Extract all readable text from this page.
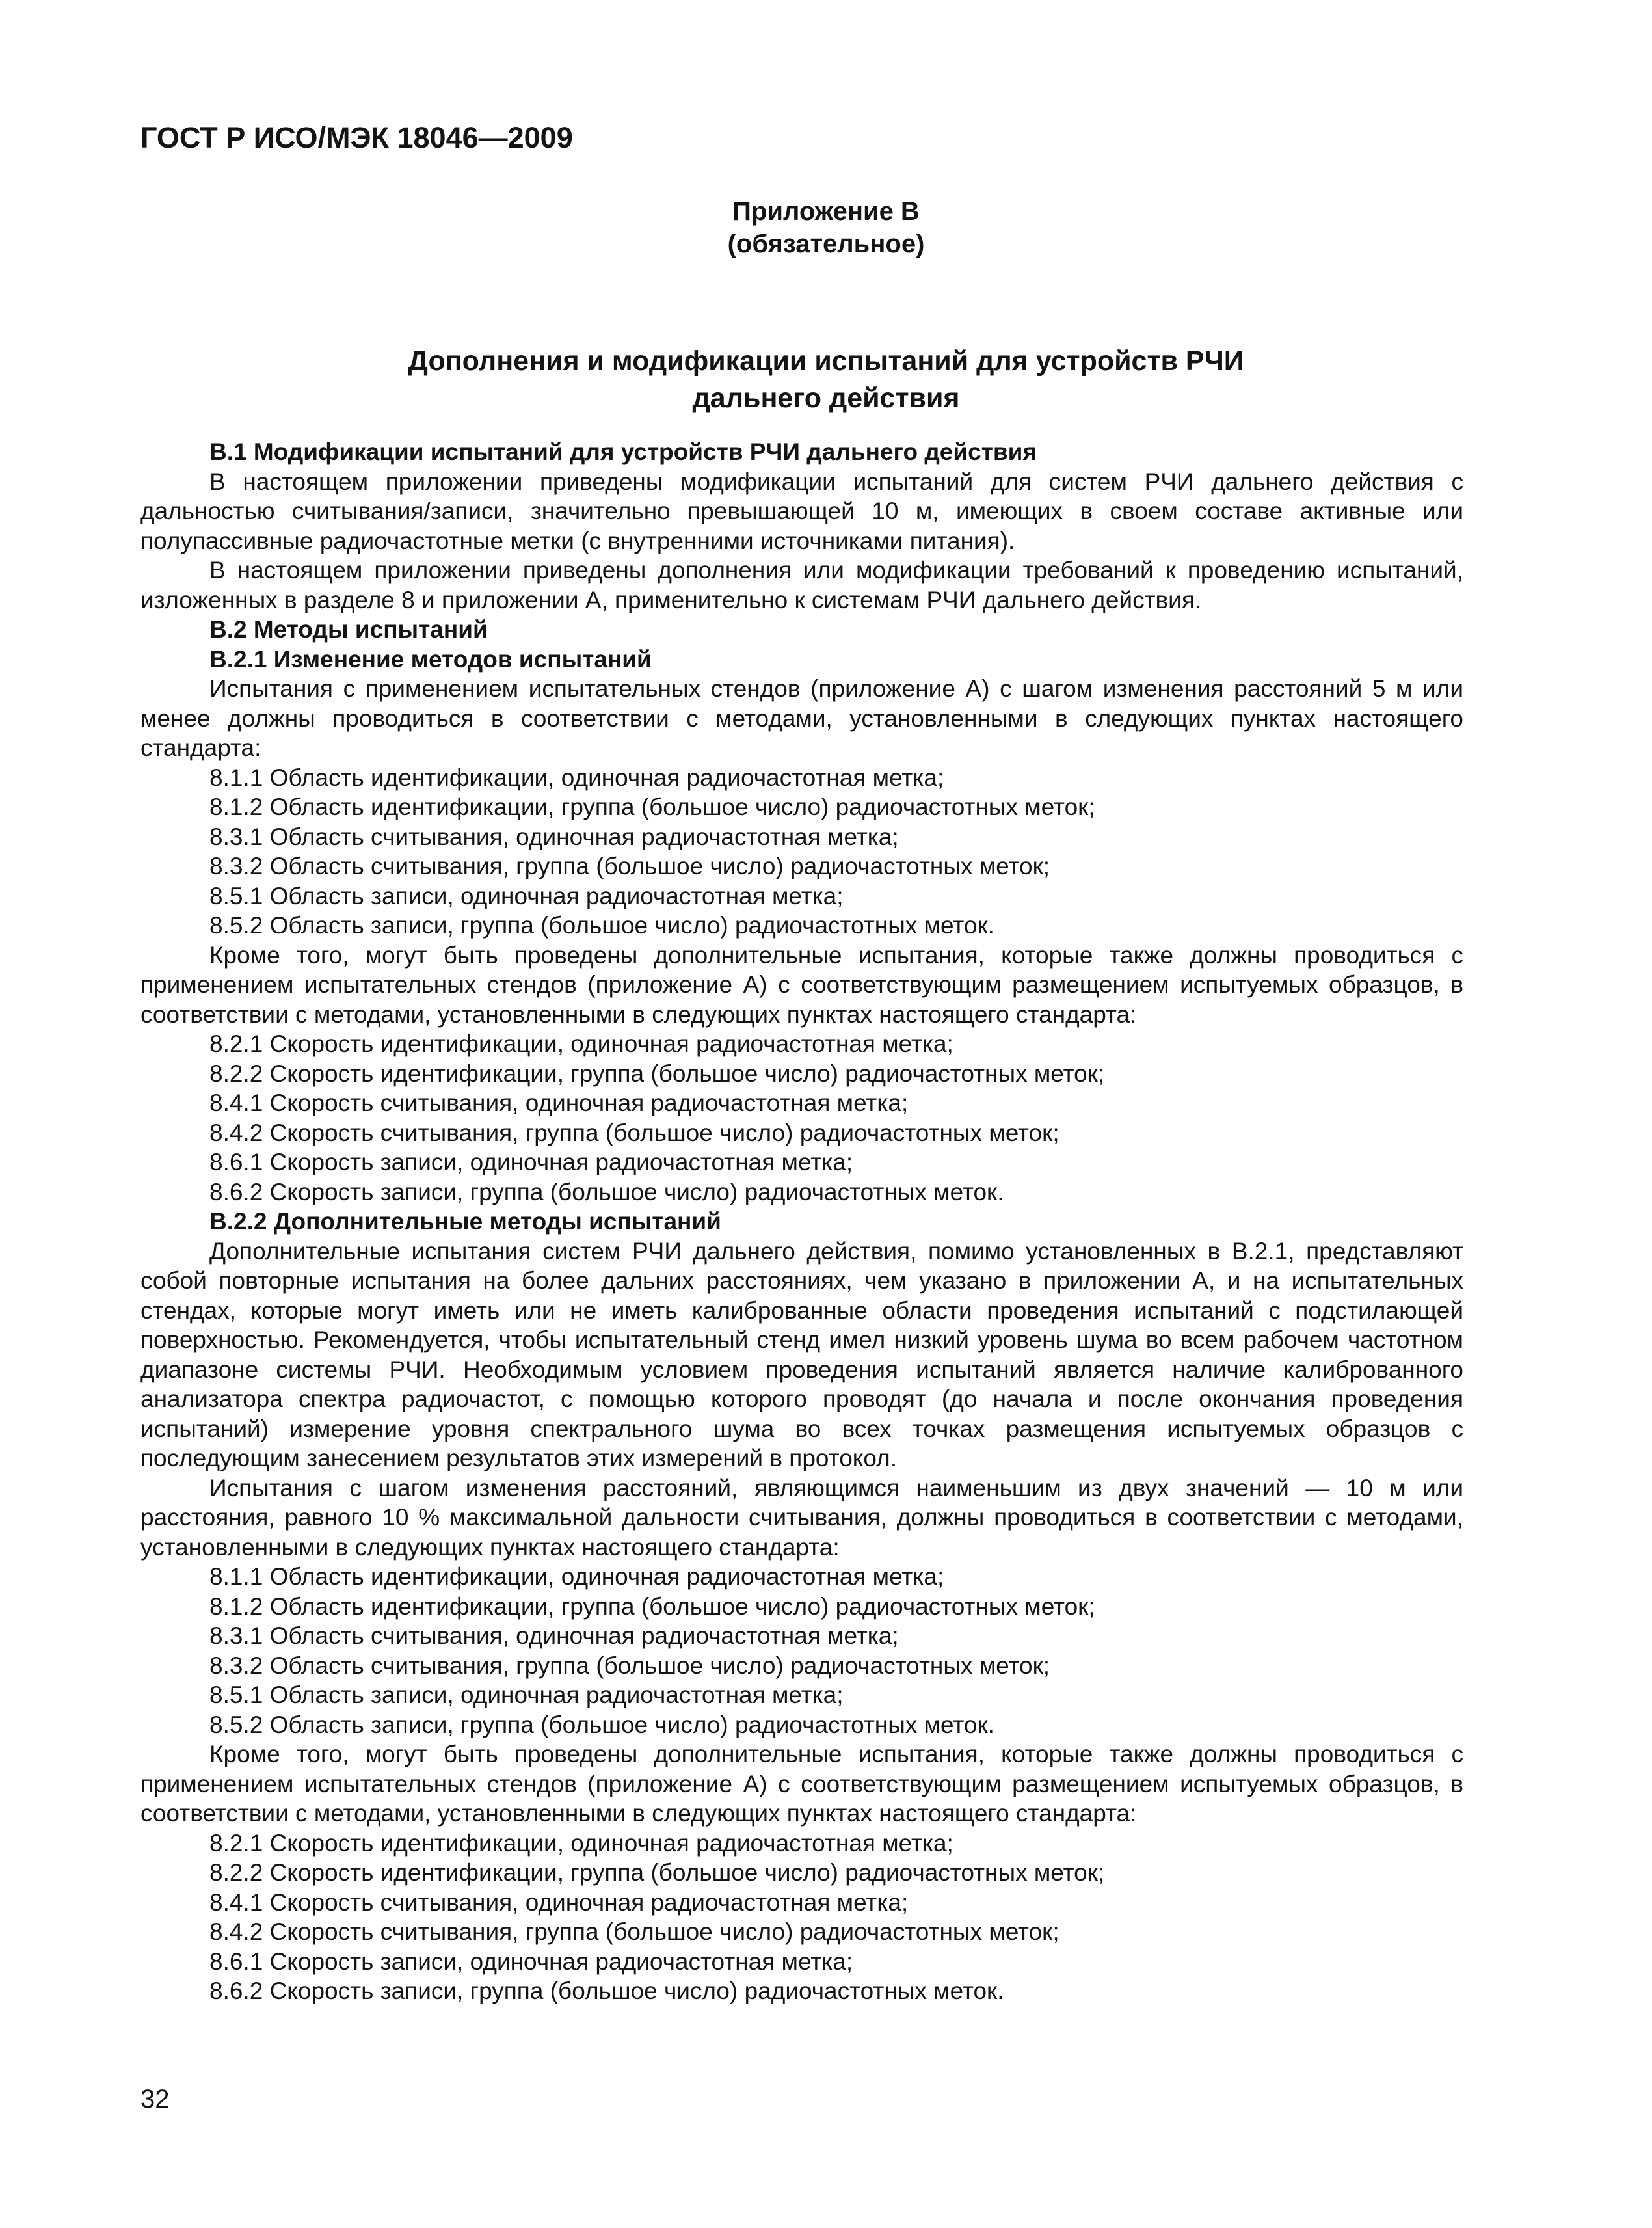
ГОСТ Р ИСО/МЭК 18046—2009
Приложение В
(обязательное)
Дополнения и модификации испытаний для устройств РЧИ
дальнего действия

В.1 Модификации испытаний для устройств РЧИ дальнего действия

В настоящем приложении приведены модификации испытаний для систем РЧИ дальнего действия с дальностью считывания/записи, значительно превышающей 10 м, имеющих в своем составе активные или полупассивные радиочастотные метки (с внутренними источниками питания).

В настоящем приложении приведены дополнения или модификации требований к проведению испытаний, изложенных в разделе 8 и приложении А, применительно к системам РЧИ дальнего действия.

В.2 Методы испытаний

В.2.1 Изменение методов испытаний

Испытания с применением испытательных стендов (приложение А) с шагом изменения расстояний 5 м или менее должны проводиться в соответствии с методами, установленными в следующих пунктах настоящего стандарта:

8.1.1 Область идентификации, одиночная радиочастотная метка;

8.1.2 Область идентификации, группа (большое число) радиочастотных меток;

8.3.1 Область считывания, одиночная радиочастотная метка;

8.3.2 Область считывания, группа (большое число) радиочастотных меток;

8.5.1 Область записи, одиночная радиочастотная метка;

8.5.2 Область записи, группа (большое число) радиочастотных меток.

Кроме того, могут быть проведены дополнительные испытания, которые также должны проводиться с применением испытательных стендов (приложение А) с соответствующим размещением испытуемых образцов, в соответствии с методами, установленными в следующих пунктах настоящего стандарта:

8.2.1 Скорость идентификации, одиночная радиочастотная метка;

8.2.2 Скорость идентификации, группа (большое число) радиочастотных меток;

8.4.1 Скорость считывания, одиночная радиочастотная метка;

8.4.2 Скорость считывания, группа (большое число) радиочастотных меток;

8.6.1 Скорость записи, одиночная радиочастотная метка;

8.6.2 Скорость записи, группа (большое число) радиочастотных меток.

В.2.2 Дополнительные методы испытаний

Дополнительные испытания систем РЧИ дальнего действия, помимо установленных в В.2.1, представляют собой повторные испытания на более дальних расстояниях, чем указано в приложении А, и на испытательных стендах, которые могут иметь или не иметь калиброванные области проведения испытаний с подстилающей поверхностью. Рекомендуется, чтобы испытательный стенд имел низкий уровень шума во всем рабочем частотном диапазоне системы РЧИ. Необходимым условием проведения испытаний является наличие калиброванного анализатора спектра радиочастот, с помощью которого проводят (до начала и после окончания проведения испытаний) измерение уровня спектрального шума во всех точках размещения испытуемых образцов с последующим занесением результатов этих измерений в протокол.

Испытания с шагом изменения расстояний, являющимся наименьшим из двух значений — 10 м или расстояния, равного 10 % максимальной дальности считывания, должны проводиться в соответствии с методами, установленными в следующих пунктах настоящего стандарта:

8.1.1 Область идентификации, одиночная радиочастотная метка;

8.1.2 Область идентификации, группа (большое число) радиочастотных меток;

8.3.1 Область считывания, одиночная радиочастотная метка;

8.3.2 Область считывания, группа (большое число) радиочастотных меток;

8.5.1 Область записи, одиночная радиочастотная метка;

8.5.2 Область записи, группа (большое число) радиочастотных меток.

Кроме того, могут быть проведены дополнительные испытания, которые также должны проводиться с применением испытательных стендов (приложение А) с соответствующим размещением испытуемых образцов, в соответствии с методами, установленными в следующих пунктах настоящего стандарта:

8.2.1 Скорость идентификации, одиночная радиочастотная метка;

8.2.2 Скорость идентификации, группа (большое число) радиочастотных меток;

8.4.1 Скорость считывания, одиночная радиочастотная метка;

8.4.2 Скорость считывания, группа (большое число) радиочастотных меток;

8.6.1 Скорость записи, одиночная радиочастотная метка;

8.6.2 Скорость записи, группа (большое число) радиочастотных меток.

32
